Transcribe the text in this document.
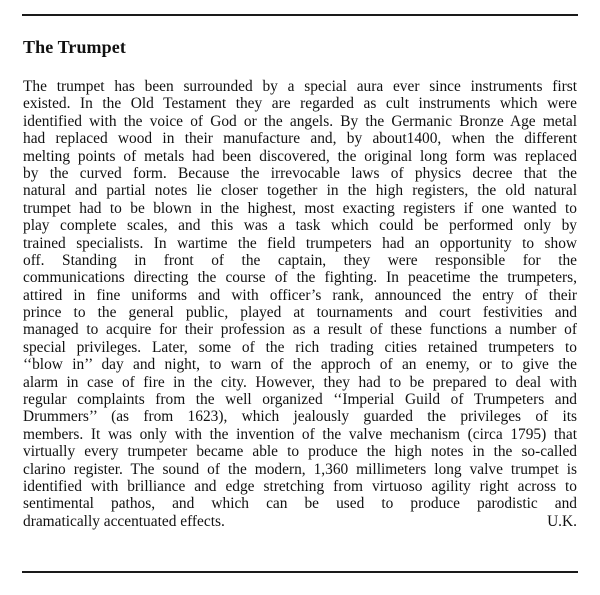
The Trumpet
The trumpet has been surrounded by a special aura ever since instruments first
existed. In the Old Testament they are regarded as cult instruments which were
identified with the voice of God or the angels. By the Germanic Bronze Age metal
had replaced wood in their manufacture and, by about1400, when the different
melting points of metals had been discovered, the original long form was replaced
by the curved form. Because the irrevocable laws of physics decree that the
natural and partial notes lie closer together in the high registers, the old natural
trumpet had to be blown in the highest, most exacting registers if one wanted to
play complete scales, and this was a task which could be performed only by
trained specialists. In wartime the field trumpeters had an opportunity to show
off. Standing in front of the captain, they were responsible for the
communications directing the course of the fighting. In peacetime the trumpeters,
attired in fine uniforms and with officer’s rank, announced the entry of their
prince to the general public, played at tournaments and court festivities and
managed to acquire for their profession as a result of these functions a number of
special privileges. Later, some of the rich trading cities retained trumpeters to
‘‘blow in’’ day and night, to warn of the approch of an enemy, or to give the
alarm in case of fire in the city. However, they had to be prepared to deal with
regular complaints from the well organized ‘‘Imperial Guild of Trumpeters and
Drummers’’ (as from 1623), which jealously guarded the privileges of its
members. It was only with the invention of the valve mechanism (circa 1795) that
virtually every trumpeter became able to produce the high notes in the so-called
clarino register. The sound of the modern, 1,360 millimeters long valve trumpet is
identified with brilliance and edge stretching from virtuoso agility right across to
sentimental pathos, and which can be used to produce parodistic and
dramatically accentuated effects.	U.K.
